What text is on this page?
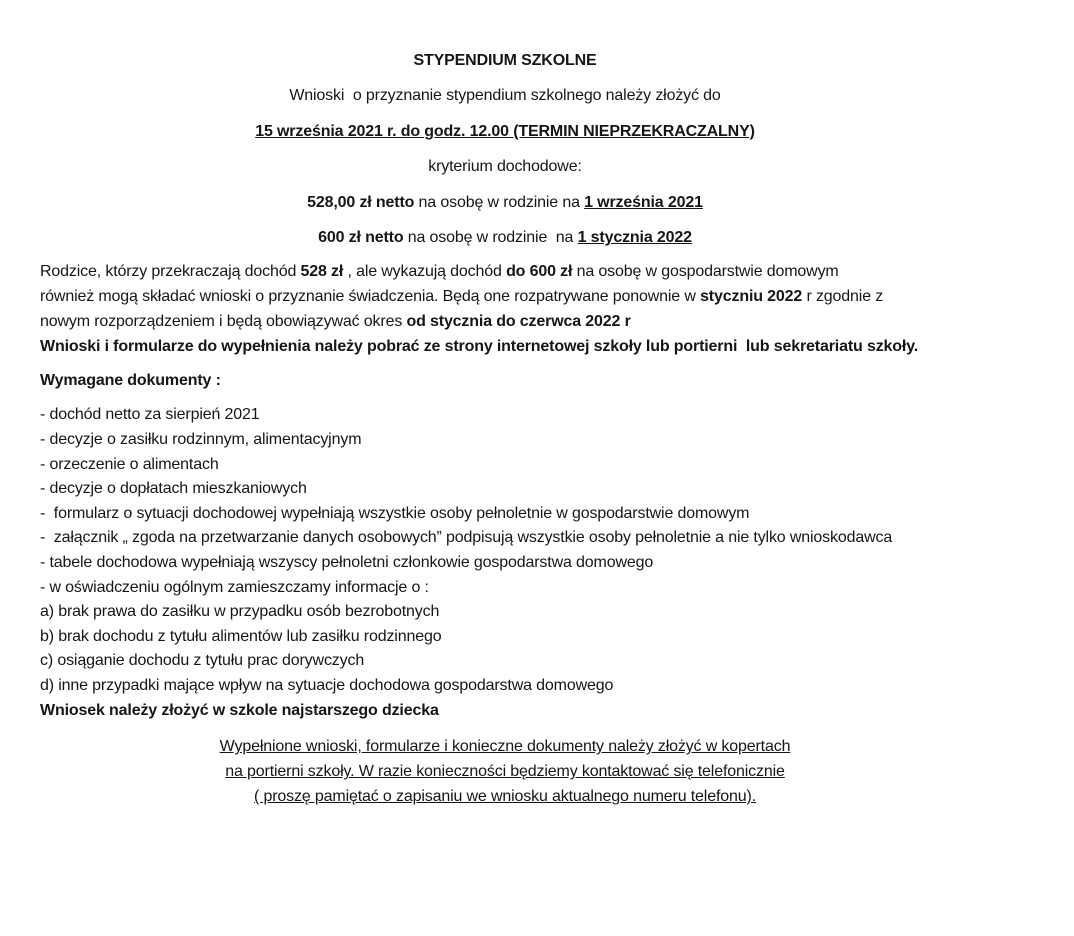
STYPENDIUM SZKOLNE
Wnioski  o przyznanie stypendium szkolnego należy złożyć do
15 września 2021 r. do godz. 12.00 (TERMIN NIEPRZEKRACZALNY)
kryterium dochodowe:
528,00 zł netto na osobę w rodzinie na 1 września 2021
600 zł netto na osobę w rodzinie  na 1 stycznia 2022
Rodzice, którzy przekraczają dochód 528 zł , ale wykazują dochód do 600 zł na osobę w gospodarstwie domowym
również mogą składać wnioski o przyznanie świadczenia. Będą one rozpatrywane ponownie w styczniu 2022 r zgodnie z
nowym rozporządzeniem i będą obowiązywać okres od stycznia do czerwca 2022 r
Wnioski i formularze do wypełnienia należy pobrać ze strony internetowej szkoły lub portierni  lub sekretariatu szkoły.
Wymagane dokumenty :
- dochód netto za sierpień 2021
- decyzje o zasiłku rodzinnym, alimentacyjnym
- orzeczenie o alimentach
- decyzje o dopłatach mieszkaniowych
-  formularz o sytuacji dochodowej wypełniają wszystkie osoby pełnoletnie w gospodarstwie domowym
-  załącznik „ zgoda na przetwarzanie danych osobowych” podpisują wszystkie osoby pełnoletnie a nie tylko wnioskodawca
- tabele dochodowa wypełniają wszyscy pełnoletni członkowie gospodarstwa domowego
- w oświadczeniu ogólnym zamieszczamy informacje o :
a) brak prawa do zasiłku w przypadku osób bezrobotnych
b) brak dochodu z tytułu alimentów lub zasiłku rodzinnego
c) osiąganie dochodu z tytułu prac dorywczych
d) inne przypadki mające wpływ na sytuacje dochodowa gospodarstwa domowego
Wniosek należy złożyć w szkole najstarszego dziecka
Wypełnione wnioski, formularze i konieczne dokumenty należy złożyć w kopertach
na portierni szkoły. W razie konieczności będziemy kontaktować się telefonicznie
( proszę pamiętać o zapisaniu we wniosku aktualnego numeru telefonu).
